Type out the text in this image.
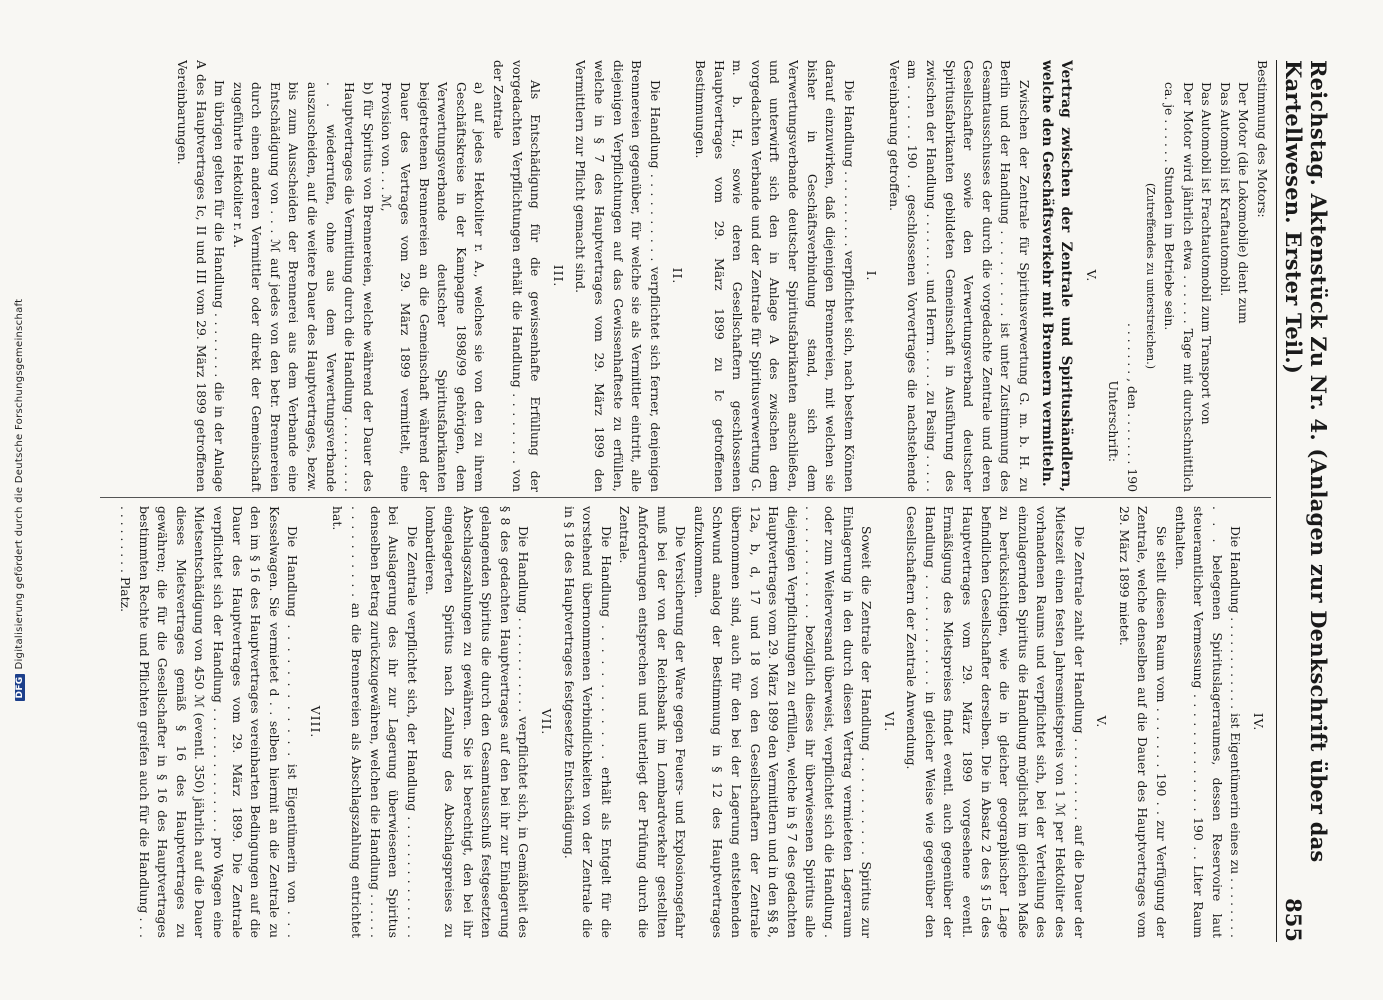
Reichstag. Aktenstück Zu Nr. 4. (Anlagen zur Denkschrift über das Kartellwesen. Erster Teil.)
855

Bestimmung des Motors:

Der Motor (die Lokomobile) dient zum

Das Automobil ist Kraftautomobil.

Das Automobil ist Frachtautomobil zum Transport von

Der Motor wird jährlich etwa . . . . . . Tage mit durchschnittlich ca. je . . . . . . Stunden im Betriebe sein.

(Zutreffendes zu unterstreichen.)

. . . . . . . , den . . . . . . . 190

Unterschrift:

V.

Vertrag zwischen der Zentrale und Spiritushändlern, welche den Geschäftsverkehr mit Brennern vermitteln.

Zwischen der Zentrale für Spiritusverwertung G. m. b. H. zu Berlin und der Handlung . . . . . . . . . ist unter Zustimmung des Gesamtausschusses der durch die vorgedachte Zentrale und deren Gesellschafter sowie den Verwertungsverband deutscher Spiritusfabrikanten gebildeten Gemeinschaft in Ausführung des zwischen der Handlung . . . . . . . . und Herrn . . . . . zu Pasing . . . . . am . . . . . . 190 . . geschlossenen Vorvertrages die nachstehende Vereinbarung getroffen.

I.

Die Handlung . . . . . . . . . . verpflichtet sich, nach bestem Können darauf einzuwirken, daß diejenigen Brennereien, mit welchen sie bisher in Geschäftsverbindung stand, sich dem Verwertungsverbande deutscher Spiritusfabrikanten anschließen, und unterwirft sich den in Anlage A des zwischen dem vorgedachten Verbande und der Zentrale für Spiritusverwertung G. m. b. H., sowie deren Gesellschaftern geschlossenen Hauptvertrages vom 29. März 1899 zu Ic getroffenen Bestimmungen.

II.

Die Handlung . . . . . . . . . . verpflichtet sich ferner, denjenigen Brennereien gegenüber, für welche sie als Vermittler eintritt, alle diejenigen Verpflichtungen auf das Gewissenhafteste zu erfüllen, welche in § 7 des Hauptvertrages vom 29. März 1899 den Vermittlern zur Pflicht gemacht sind.

III.

Als Entschädigung für die gewissenhafte Erfüllung der vorgedachten Verpflichtungen erhält die Handlung . . . . . . . . von der Zentrale

a) auf jedes Hektoliter r. A., welches sie von den zu ihrem Geschäftskreise in der Kampagne 1898/99 gehörigen, dem Verwertungsverbande deutscher Spiritusfabrikanten beigetretenen Brennereien an die Gemeinschaft während der Dauer des Vertrages vom 29. März 1899 vermittelt, eine Provision von . . . ℳ,

b) für Spiritus von Brennereien, welche während der Dauer des Hauptvertrages die Vermittlung durch die Handlung . . . . . . . . . . . . wiederrufen, ohne aus dem Verwertungsverbande auszuscheiden, auf die weitere Dauer des Hauptvertrages, bezw. bis zum Ausscheiden der Brennerei aus dem Verbande eine Entschädigung von . . . ℳ auf jedes von den betr. Brennereien durch einen anderen Vermittler oder direkt der Gemeinschaft zugeführte Hektoliter r. A.

Im übrigen gelten für die Handlung . . . . . . . . die in der Anlage A des Hauptvertrages Ic, II und III vom 29. März 1899 getroffenen Vereinbarungen.

IV.

Die Handlung . . . . . . . . . . . . ist Eigentümerin eines zu . . . . . . . . . . . belegenen Spirituslagerraumes, dessen Reservoire laut steueramtlicher Vermessung . . . . . . . . . . . . . 190 . . Liter Raum enthalten.

Sie stellt diesen Raum vom . . . . . . . 190 . . zur Verfügung der Zentrale, welche denselben auf die Dauer des Hauptvertrages vom 29. März 1899 mietet.

V.

Die Zentrale zahlt der Handlung . . . . . . . . . . auf die Dauer der Mietszeit einen festen Jahresmietspreis von 1 ℳ per Hektoliter des vorhandenen Raums und verpflichtet sich, bei der Verteilung des einzulagernden Spiritus die Handlung möglichst im gleichen Maße zu berücksichtigen, wie die in gleicher geographischer Lage befindlichen Gesellschafter derselben. Die in Absatz 2 des § 15 des Hauptvertrages vom 29. März 1899 vorgesehene eventl. Ermäßigung des Mietspreises findet eventl. auch gegenüber der Handlung . . . . . . . . . . . in gleicher Weise wie gegenüber den Gesellschaftern der Zentrale Anwendung.

VI.

Soweit die Zentrale der Handlung . . . . . . . . . . Spiritus zur Einlagerung in den durch diesen Vertrag vermieteten Lagerraum oder zum Weiterversand überweist, verpflichtet sich die Handlung . . . . . . . . . . . . bezüglich dieses ihr überwiesenen Spiritus alle diejenigen Verpflichtungen zu erfüllen, welche in § 7 des gedachten Hauptvertrages vom 29. März 1899 den Vermittlern und in den §§ 8, 12a, b, d, 17 und 18 von den Gesellschaftern der Zentrale übernommen sind, auch für den bei der Lagerung entstehenden Schwund analog der Bestimmung in § 12 des Hauptvertrages aufzukommen.

Die Versicherung der Ware gegen Feuers- und Explosionsgefahr muß bei der von der Reichsbank im Lombardverkehr gestellten Anforderungen entsprechen und unterliegt der Prüfung durch die Zentrale.

Die Handlung . . . . . . . . . . . . erhält als Entgelt für die vorstehend übernommenen Verbindlichkeiten von der Zentrale die in § 18 des Hauptvertrages festgesetzte Entschädigung.

VII.

Die Handlung . . . . . . . . . . . . verpflichtet sich, in Gemäßheit des § 8 des gedachten Hauptvertrages auf den bei ihr zur Einlagerung gelangenden Spiritus die durch den Gesamtausschuß festgesetzten Abschlagszahlungen zu gewähren. Sie ist berechtigt, den bei ihr eingelagerten Spiritus nach Zahlung des Abschlagspreises zu lombardieren.

Die Zentrale verpflichtet sich, der Handlung . . . . . . . . . . . . . . bei Auslagerung des ihr zur Lagerung überwiesenen Spiritus denselben Betrag zurückzugewähren, welchen die Handlung . . . . . . . . . . . . . . . . an die Brennereien als Abschlagszahlung entrichtet hat.

VIII.

Die Handlung . . . . . . . . . . . . ist Eigentümerin von . . . Kesselwagen. Sie vermietet d . . selben hiermit an die Zentrale zu den im § 16 des Hauptvertrages vereinbarten Bedingungen auf die Dauer des Hauptvertrages vom 29. März 1899. Die Zentrale verpflichtet sich der Handlung . . . . . . . . . . . . . . pro Wagen eine Mietsentschädigung von 450 ℳ (eventl. 350) jährlich auf die Dauer dieses Mietsvertrages gemäß § 16 des Hauptvertrages zu gewähren; die für die Gesellschafter in § 16 des Hauptvertrages bestimmten Rechte und Pflichten greifen auch für die Handlung . . . . . . . . . . . . Platz.

DFGDigitalisierung gefördert durch die Deutsche Forschungsgemeinschaft
